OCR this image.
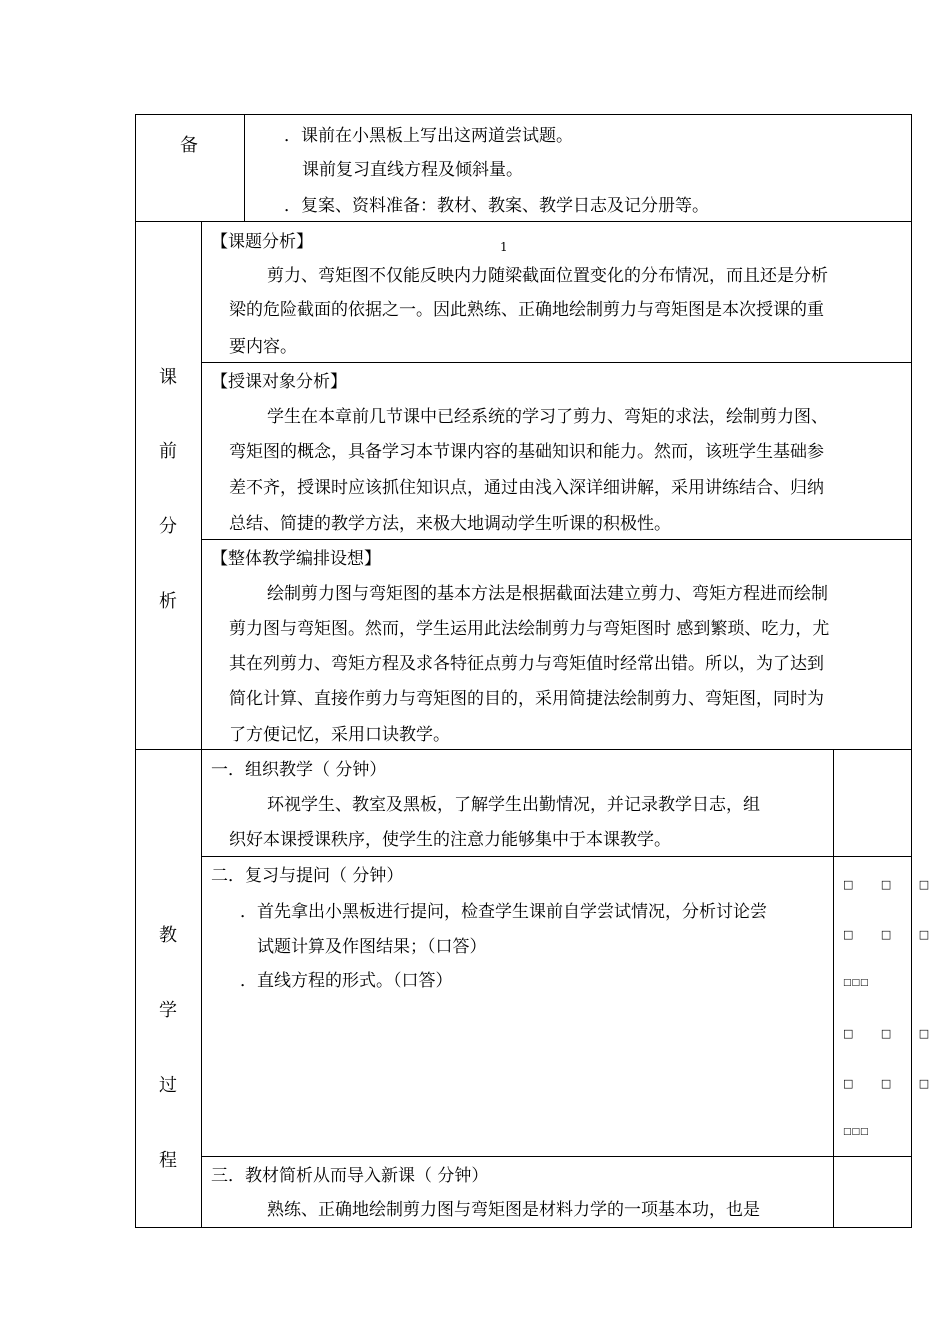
1
备	．课前在小黑板上写出这两道尝试题。
课前复习直线方程及倾斜量。
．复案、资料准备：教材、教案、教学日志及记分册等。
课
前
分
析
【课题分析】
剪力、弯矩图不仅能反映内力随梁截面位置变化的分布情况，而且还是分析
梁的危险截面的依据之一。因此熟练、正确地绘制剪力与弯矩图是本次授课的重
要内容。
【授课对象分析】
学生在本章前几节课中已经系统的学习了剪力、弯矩的求法，绘制剪力图、
弯矩图的概念，具备学习本节课内容的基础知识和能力。然而，该班学生基础参
差不齐，授课时应该抓住知识点，通过由浅入深详细讲解，采用讲练结合、归纳
总结、简捷的教学方法，来极大地调动学生听课的积极性。
【整体教学编排设想】
绘制剪力图与弯矩图的基本方法是根据截面法建立剪力、弯矩方程进而绘制
剪力图与弯矩图。然而，学生运用此法绘制剪力与弯矩图时 感到繁琐、吃力，尤
其在列剪力、弯矩方程及求各特征点剪力与弯矩值时经常出错。所以，为了达到
简化计算、直接作剪力与弯矩图的目的，采用简捷法绘制剪力、弯矩图，同时为
了方便记忆，采用口诀教学。
教
学
过
程
一．组织教学（ 分钟）
环视学生、教室及黑板，了解学生出勤情况，并记录教学日志，组
织好本课授课秩序，使学生的注意力能够集中于本课教学。
二．复习与提问（ 分钟）
．首先拿出小黑板进行提问，检查学生课前自学尝试情况，分析讨论尝
试题计算及作图结果；（口答）
．直线方程的形式。（口答）
三．教材简析从而导入新课（ 分钟）
熟练、正确地绘制剪力图与弯矩图是材料力学的一项基本功，也是
□ □ □
□ □ □
□□□
□ □ □
□ □ □
□□□
